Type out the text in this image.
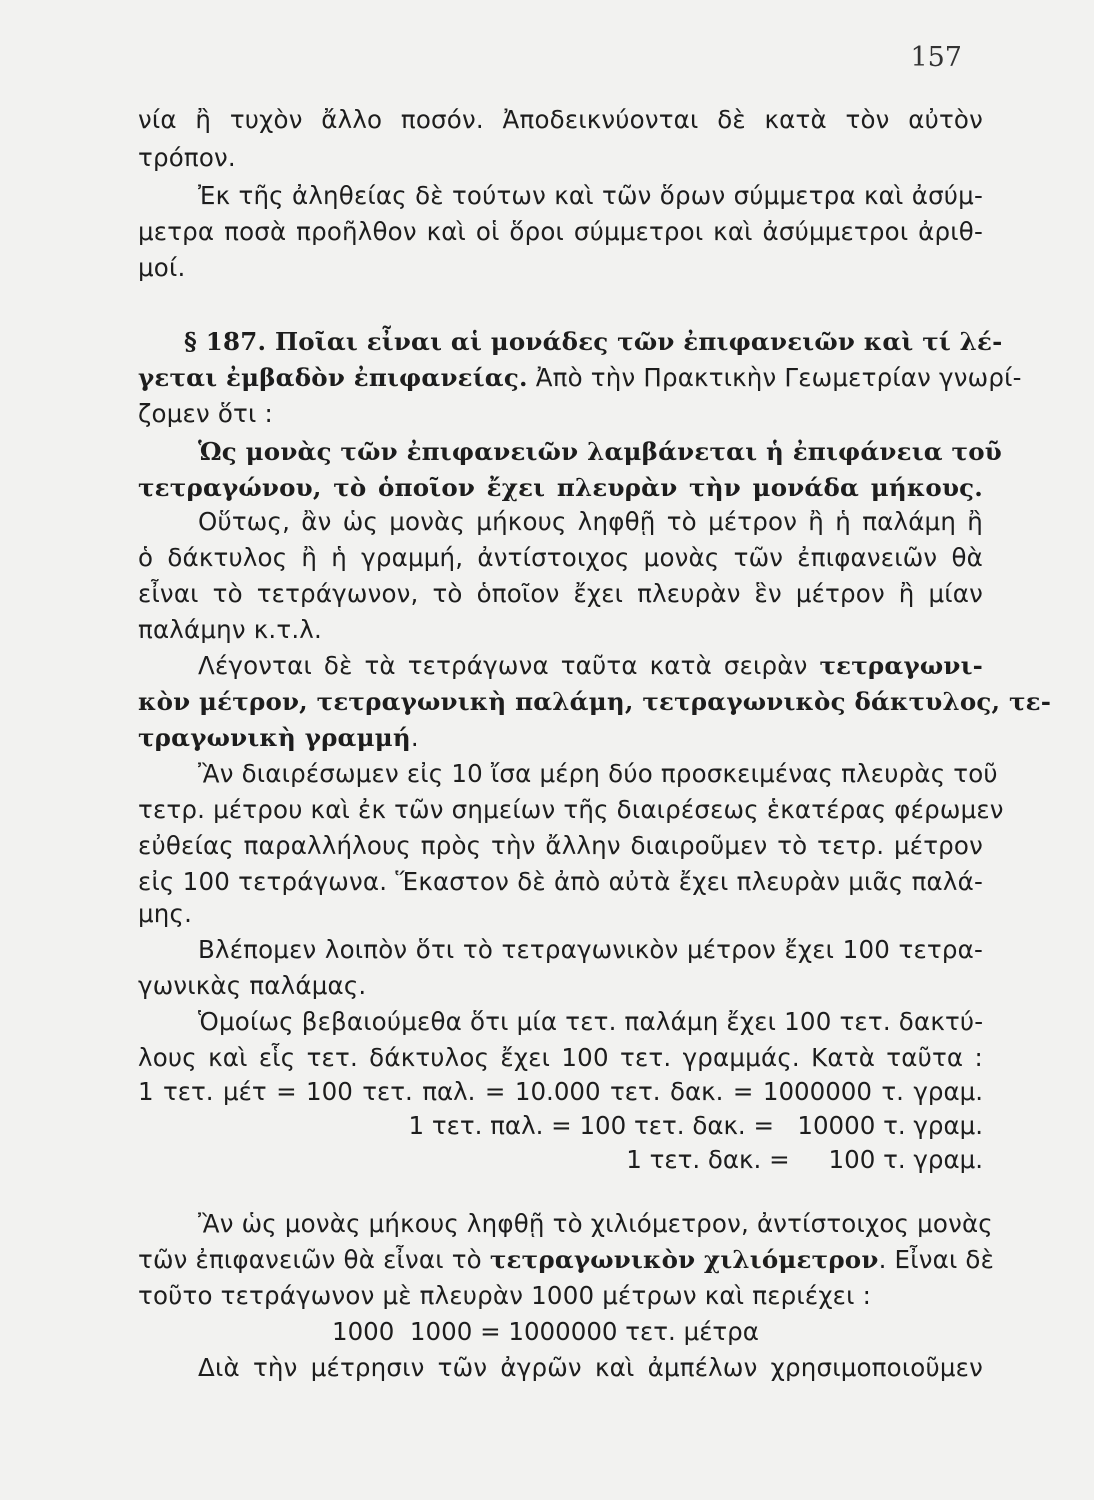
157
νία ἢ τυχὸν ἄλλο ποσόν. Ἀποδεικνύονται δὲ κατὰ τὸν αὐτὸν
τρόπον.
Ἐκ τῆς ἀληθείας δὲ τούτων καὶ τῶν ὅρων σύμμετρα καὶ ἀσύμ-
μετρα ποσὰ προῆλθον καὶ οἱ ὅροι σύμμετροι καὶ ἀσύμμετροι ἀριθ-
μοί.
§ 187. Ποῖαι εἶναι αἱ μονάδες τῶν ἐπιφανειῶν καὶ τί λέ-
γεται ἐμβαδὸν ἐπιφανείας. Ἀπὸ τὴν Πρακτικὴν Γεωμετρίαν γνωρί-
ζομεν ὅτι :
Ὡς μονὰς τῶν ἐπιφανειῶν λαμβάνεται ἡ ἐπιφάνεια τοῦ
τετραγώνου, τὸ ὁποῖον ἔχει πλευρὰν τὴν μονάδα μήκους.
Οὕτως, ἂν ὡς μονὰς μήκους ληφθῇ τὸ μέτρον ἢ ἡ παλάμη ἢ
ὁ δάκτυλος ἢ ἡ γραμμή, ἀντίστοιχος μονὰς τῶν ἐπιφανειῶν θὰ
εἶναι τὸ τετράγωνον, τὸ ὁποῖον ἔχει πλευρὰν ἓν μέτρον ἢ μίαν
παλάμην κ.τ.λ.
Λέγονται δὲ τὰ τετράγωνα ταῦτα κατὰ σειρὰν τετραγωνι-
κὸν μέτρον, τετραγωνικὴ παλάμη, τετραγωνικὸς δάκτυλος, τε-
τραγωνικὴ γραμμή.
Ἂν διαιρέσωμεν εἰς 10 ἴσα μέρη δύο προσκειμένας πλευρὰς τοῦ
τετρ. μέτρου καὶ ἐκ τῶν σημείων τῆς διαιρέσεως ἑκατέρας φέρωμεν
εὐθείας παραλλήλους πρὸς τὴν ἄλλην διαιροῦμεν τὸ τετρ. μέτρον
εἰς 100 τετράγωνα. Ἕκαστον δὲ ἀπὸ αὐτὰ ἔχει πλευρὰν μιᾶς παλά-
μης.
Βλέπομεν λοιπὸν ὅτι τὸ τετραγωνικὸν μέτρον ἔχει 100 τετρα-
γωνικὰς παλάμας.
Ὁμοίως βεβαιούμεθα ὅτι μία τετ. παλάμη ἔχει 100 τετ. δακτύ-
λους καὶ εἷς τετ. δάκτυλος ἔχει 100 τετ. γραμμάς. Κατὰ ταῦτα :
1 τετ. μέτ = 100 τετ. παλ. = 10.000 τετ. δακ. = 1000000 τ. γραμ.
1 τετ. παλ. = 100 τετ. δακ. =   10000 τ. γραμ.
1 τετ. δακ. =     100 τ. γραμ.
Ἂν ὡς μονὰς μήκους ληφθῇ τὸ χιλιόμετρον, ἀντίστοιχος μονὰς
τῶν ἐπιφανειῶν θὰ εἶναι τὸ τετραγωνικὸν χιλιόμετρον. Εἶναι δὲ
τοῦτο τετράγωνον μὲ πλευρὰν 1000 μέτρων καὶ περιέχει :
1000  1000 = 1000000 τετ. μέτρα
Διὰ τὴν μέτρησιν τῶν ἀγρῶν καὶ ἀμπέλων χρησιμοποιοῦμεν
